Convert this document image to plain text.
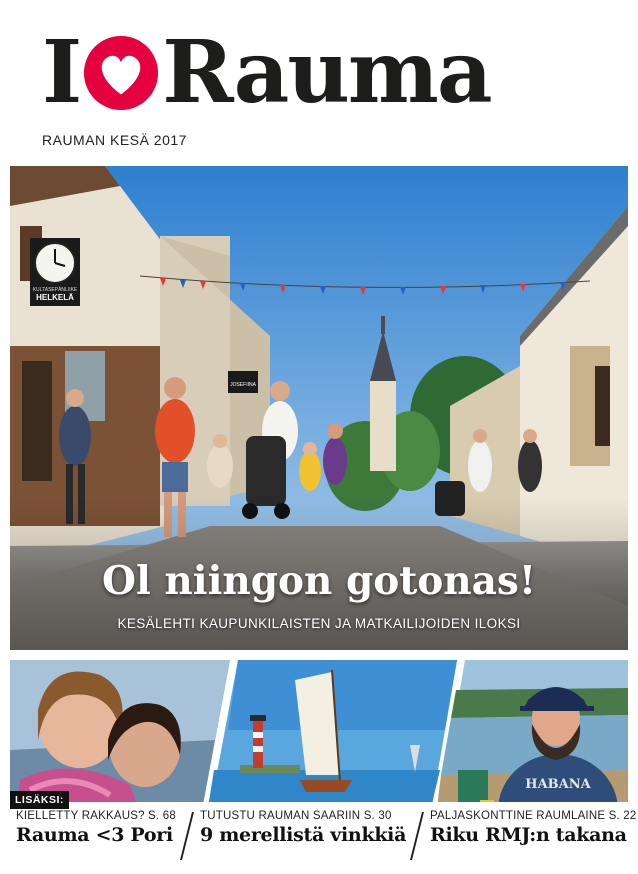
I Rauma
RAUMAN KESÄ 2017
KULTASEPÄNLIIKE
HELKELÄ
JOSEFIINA
Ol niingon gotonas!
KESÄLEHTI KAUPUNKILAISTEN JA MATKAILIJOIDEN ILOKSI
HABANA
LISÄKSI:
KIELLETTY RAKKAUS? S. 68
Rauma <3 Pori
TUTUSTU RAUMAN SAARIIN S. 30
9 merellistä vinkkiä
PALJASKONTTINE RAUMLAINE S. 22
Riku RMJ:n takana
